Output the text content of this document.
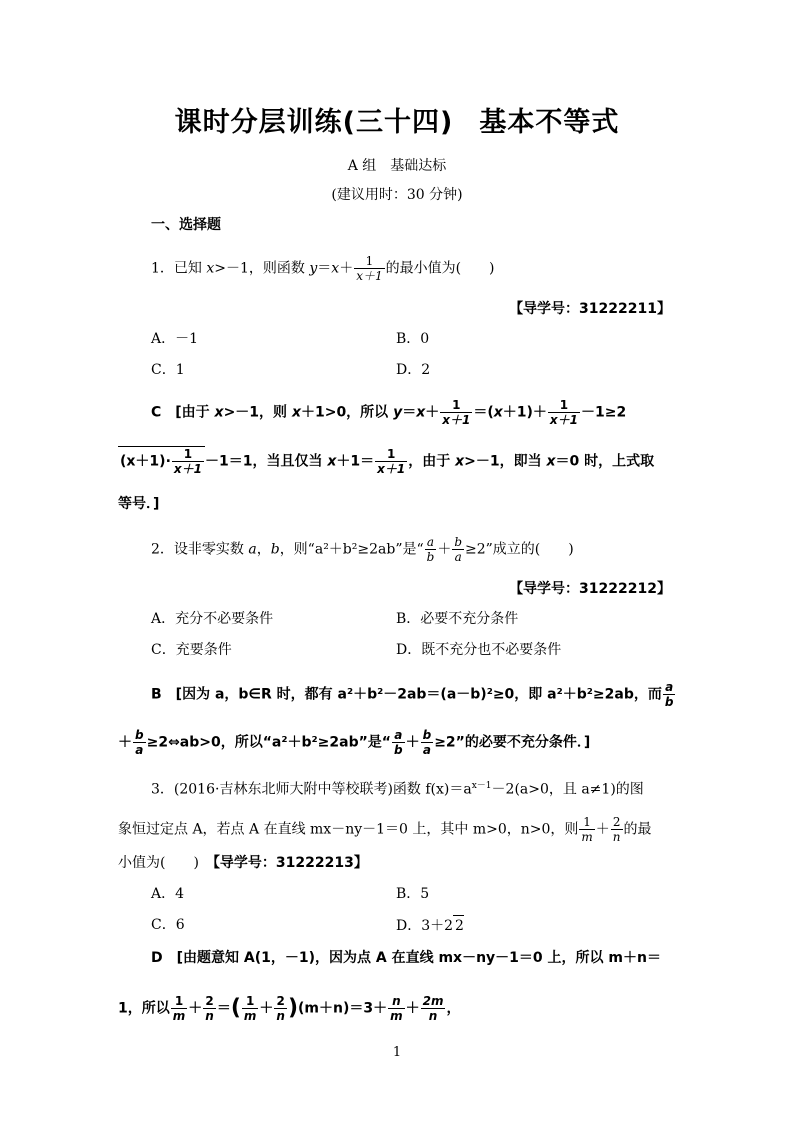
课时分层训练(三十四) 基本不等式
A 组　基础达标
(建议用时：30 分钟)
一、选择题
1．已知 x>－1，则函数 $y=x+ \frac{1}{x+1}$ 的最小值为(　　)
【导学号：31222211】
A．－1	B．0
C．1	D．2
C　[由于 x>－1，则 x＋1>0，所以 $y=x+ \frac{1}{x+1} =(x+1)+ \frac{1}{x+1} -1\ge 2$
$(x+1)\cdot \frac{1}{x+1} -1=1$，当且仅当 $x+1= \frac{1}{x+1}$ ，由于 x>－1，即当 x＝0 时，上式取
等号．]
2．设非零实数 a，b，则“a²＋b²≥2ab”是“ $\frac{a}{b} + \frac{b}{a} \ge 2$”成立的(　　)
【导学号：31222212】
A．充分不必要条件	B．必要不充分条件
C．充要条件	D．既不充分也不必要条件
B　[因为 a，b∈R 时，都有 a²＋b²－2ab＝(a－b)²≥0，即 a²＋b²≥2ab，而 $\frac{a}{b}$
＋ $\frac{b}{a}$ ≥2⇔ab>0，所以“a²＋b²≥2ab”是“ $\frac{a}{b} + \frac{b}{a} \ge 2$”的必要不充分条件．]
3．(2016·吉林东北师大附中等校联考)函数 $f(x)=a^{x-1}-2(a>0$，且 a≠1)的图
象恒过定点 A，若点 A 在直线 mx－ny－1＝0 上，其中 m>0，n>0，则 $\frac{1}{m} + \frac{2}{n}$ 的最
小值为(　　)　 【导学号：31222213】
A．4	B．5
C．6	D．3＋2 2
D　[由题意知 A(1，－1)，因为点 A 在直线 mx－ny－1＝0 上，所以 m＋n＝
1，所以 $\frac{1}{m} + \frac{2}{n}$ ＝( $\frac{1}{m} + \frac{2}{n} )(m+n)=3+ \frac{n}{m} + \frac{2m}{n}$ ，
1
